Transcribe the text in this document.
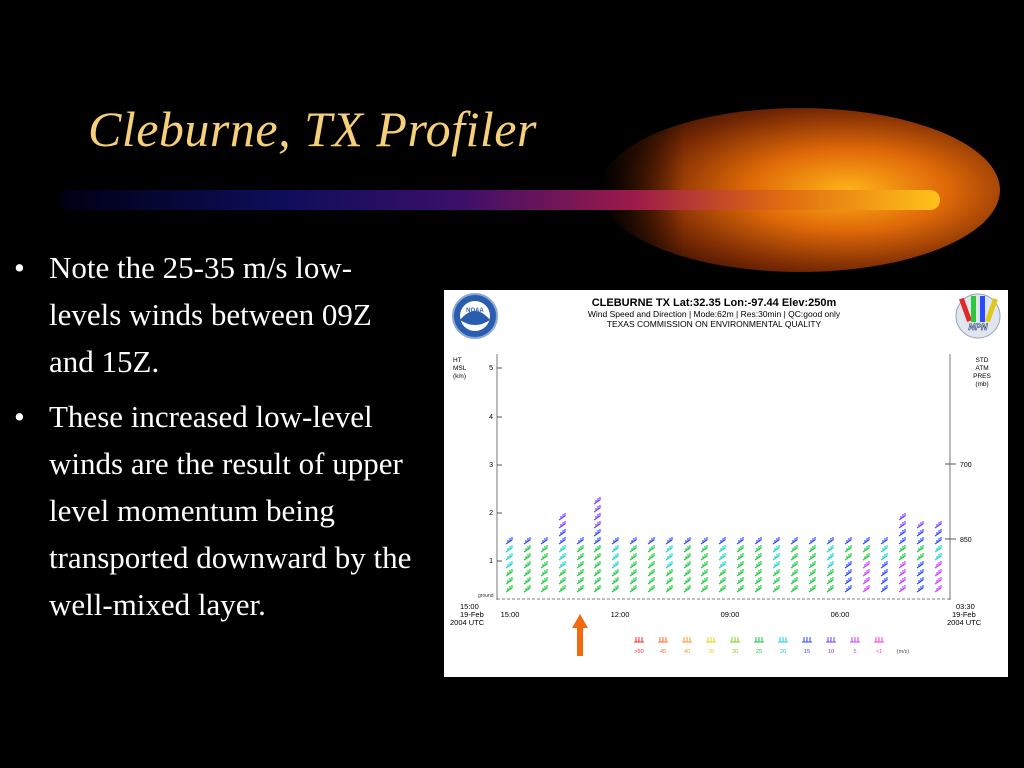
Cleburne, TX Profiler
• Note the 25-35 m/s low-levels winds between 09Z and 15Z.
• These increased low-level winds are the result of upper level momentum being transported downward by the well-mixed layer.
NOAA
NPN
CLEBURNE TX Lat:32.35 Lon:-97.44 Elev:250m
Wind Speed and Direction | Mode:62m | Res:30min | QC:good only
TEXAS COMMISSION ON ENVIRONMENTAL QUALITY
HT
MSL
(km)
STD
ATM
PRES
(mb)
5
4
3
2
1
ground
700
850
15:00
19-Feb
2004 UTC
03:30
19-Feb
2004 UTC
15:00	12:00	09:00	06:00
>50	45	40	35	30	25	20	15	10	5	<1	(m/s)
